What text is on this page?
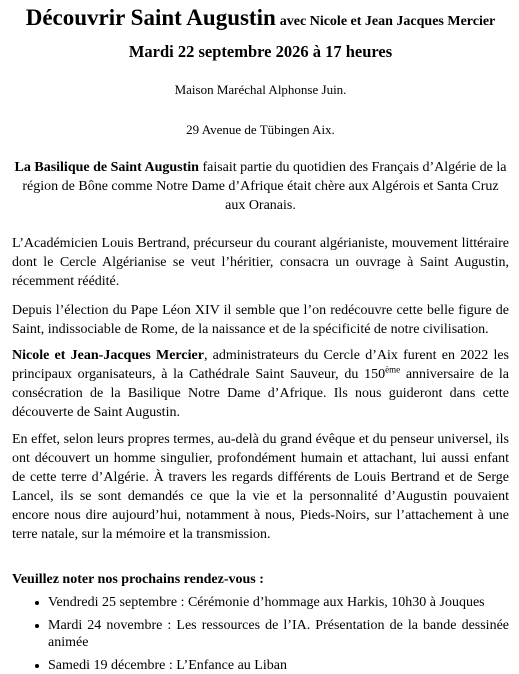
Découvrir Saint Augustin avec Nicole et Jean Jacques Mercier
Mardi 22 septembre 2026 à 17 heures
Maison Maréchal Alphonse Juin.
29 Avenue de Tübingen Aix.
La Basilique de Saint Augustin faisait partie du quotidien des Français d’Algérie de la région de Bône comme Notre Dame d’Afrique était chère aux Algérois et Santa Cruz aux Oranais.

L’Académicien Louis Bertrand, précurseur du courant algérianiste, mouvement littéraire dont le Cercle Algérianise se veut l’héritier, consacra un ouvrage à Saint Augustin, récemment réédité.

Depuis l’élection du Pape Léon XIV il semble que l’on redécouvre cette belle figure de Saint, indissociable de Rome, de la naissance et de la spécificité de notre civilisation.

Nicole et Jean-Jacques Mercier, administrateurs du Cercle d’Aix furent en 2022 les principaux organisateurs, à la Cathédrale Saint Sauveur, du 150ème anniversaire de la consécration de la Basilique Notre Dame d’Afrique. Ils nous guideront dans cette découverte de Saint Augustin.

En effet, selon leurs propres termes, au-delà du grand évêque et du penseur universel, ils ont découvert un homme singulier, profondément humain et attachant, lui aussi enfant de cette terre d’Algérie. À travers les regards différents de Louis Bertrand et de Serge Lancel, ils se sont demandés ce que la vie et la personnalité d’Augustin pouvaient encore nous dire aujourd’hui, notamment à nous, Pieds-Noirs, sur l’attachement à une terre natale, sur la mémoire et la transmission.

Veuillez noter nos prochains rendez-vous :
Vendredi 25 septembre : Cérémonie d’hommage aux Harkis, 10h30 à Jouques
Mardi 24 novembre : Les ressources de l’IA. Présentation de la bande dessinée animée
Samedi 19 décembre : L’Enfance au Liban
